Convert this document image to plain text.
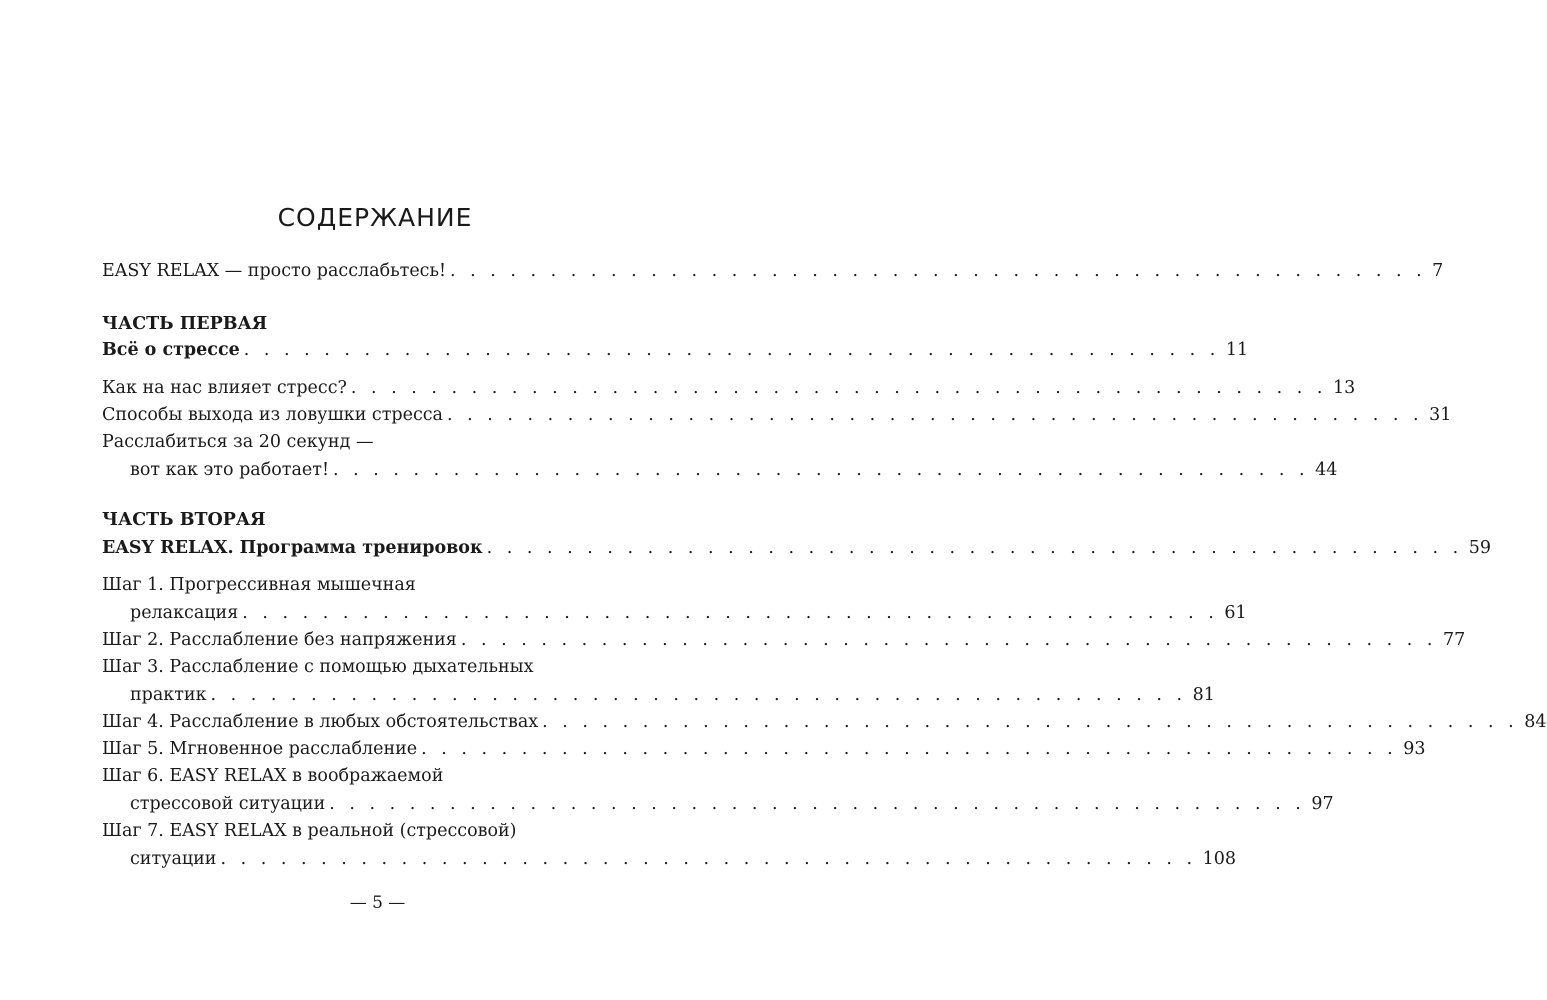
СОДЕРЖАНИЕ
EASY RELAX — просто расслабьтесь! . . . . . . . . . . . . . . . . . . . . . . . . . . . . . . . . . . . . . . . . . . . . . . . . . 7
ЧАСТЬ ПЕРВАЯ
Всё о стрессе . . . . . . . . . . . . . . . . . . . . . . . . . . . . . . . . . . . . . . . . . . . . . . . . . 11
Как на нас влияет стресс? . . . . . . . . . . . . . . . . . . . . . . . . . . . . . . . . . . . . . . . . . . . . . . . . . 13
Способы выхода из ловушки стресса . . . . . . . . . . . . . . . . . . . . . . . . . . . . . . . . . . . . . . . . . . . . . . . . . 31
Расслабиться за 20 секунд —
вот как это работает! . . . . . . . . . . . . . . . . . . . . . . . . . . . . . . . . . . . . . . . . . . . . . . . . . 44
ЧАСТЬ ВТОРАЯ
EASY RELAX. Программа тренировок . . . . . . . . . . . . . . . . . . . . . . . . . . . . . . . . . . . . . . . . . . . . . . . . . 59
Шаг 1. Прогрессивная мышечная
релаксация . . . . . . . . . . . . . . . . . . . . . . . . . . . . . . . . . . . . . . . . . . . . . . . . . 61
Шаг 2. Расслабление без напряжения . . . . . . . . . . . . . . . . . . . . . . . . . . . . . . . . . . . . . . . . . . . . . . . . . 77
Шаг 3. Расслабление с помощью дыхательных
практик . . . . . . . . . . . . . . . . . . . . . . . . . . . . . . . . . . . . . . . . . . . . . . . . . 81
Шаг 4. Расслабление в любых обстоятельствах . . . . . . . . . . . . . . . . . . . . . . . . . . . . . . . . . . . . . . . . . . . . . . . . . 84
Шаг 5. Мгновенное расслабление . . . . . . . . . . . . . . . . . . . . . . . . . . . . . . . . . . . . . . . . . . . . . . . . . 93
Шаг 6. EASY RELAX в воображаемой
стрессовой ситуации . . . . . . . . . . . . . . . . . . . . . . . . . . . . . . . . . . . . . . . . . . . . . . . . . 97
Шаг 7. EASY RELAX в реальной (стрессовой)
ситуации . . . . . . . . . . . . . . . . . . . . . . . . . . . . . . . . . . . . . . . . . . . . . . . . . 108
— 5 —
